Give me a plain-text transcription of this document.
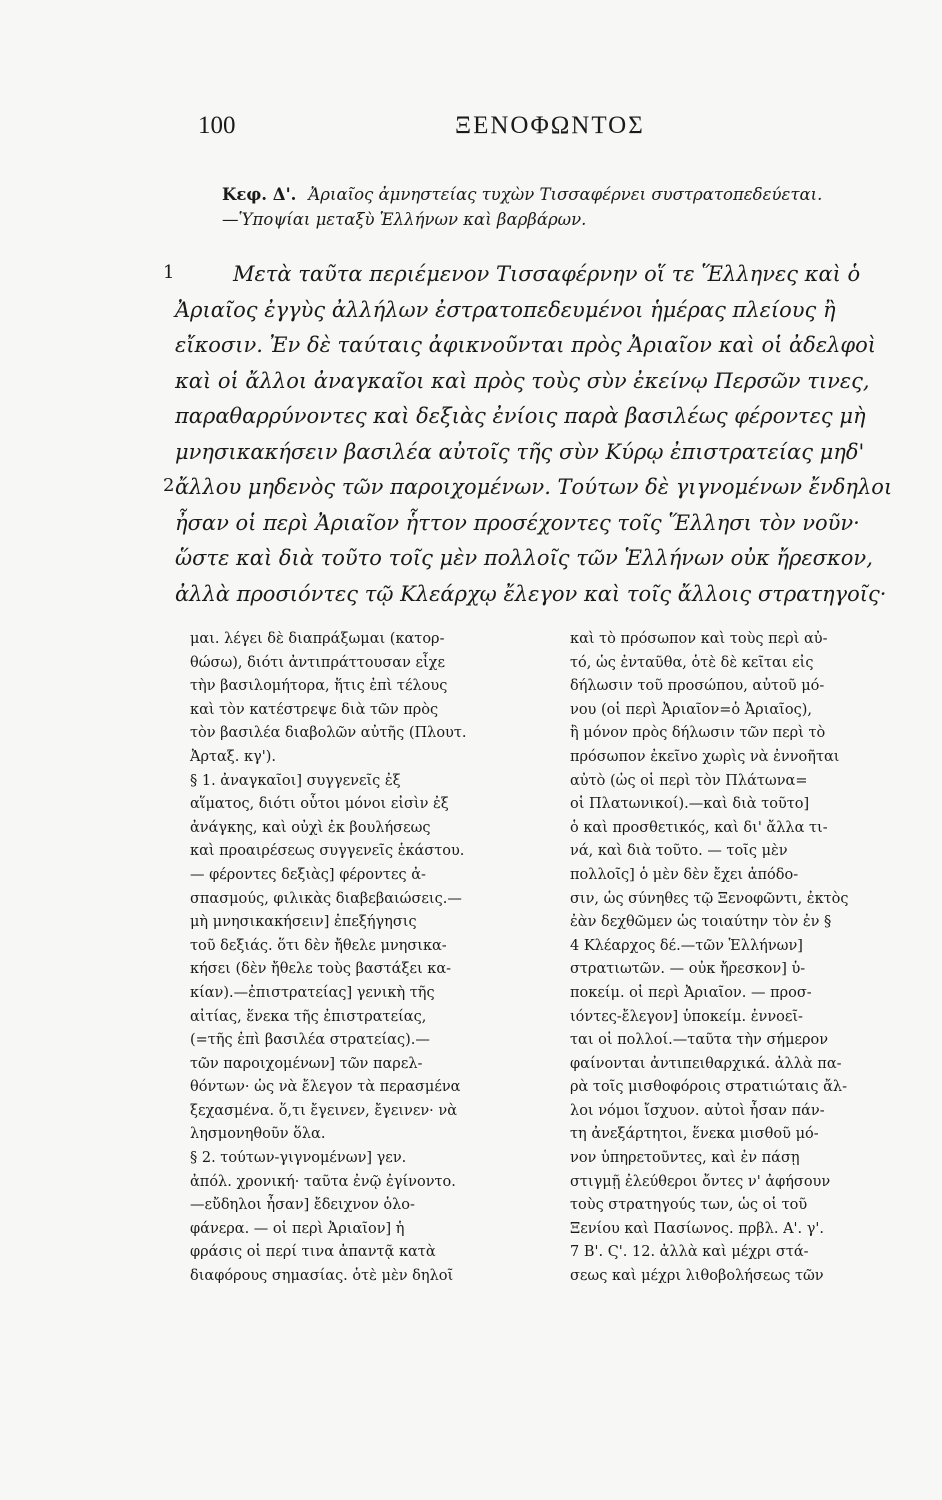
100	ΞΕΝΟΦΩΝΤΟΣ
Κεφ. Δ'. Ἀριαῖος ἀμνηστείας τυχὼν Τισσαφέρνει συστρατοπεδεύεται.
—Ὑποψίαι μεταξὺ Ἑλλήνων καὶ βαρβάρων.
1	Μετὰ ταῦτα περιέμενον Τισσαφέρνην οἵ τε Ἕλληνες καὶ ὁ
Ἀριαῖος ἐγγὺς ἀλλήλων ἐστρατοπεδευμένοι ἡμέρας πλείους ἢ
εἴκοσιν. Ἐν δὲ ταύταις ἀφικνοῦνται πρὸς Ἀριαῖον καὶ οἱ ἀδελφοὶ
καὶ οἱ ἄλλοι ἀναγκαῖοι καὶ πρὸς τοὺς σὺν ἐκείνῳ Περσῶν τινες,
παραθαρρύνοντες καὶ δεξιὰς ἐνίοις παρὰ βασιλέως φέροντες μὴ
μνησικακήσειν βασιλέα αὐτοῖς τῆς σὺν Κύρῳ ἐπιστρατείας μηδ'
2 ἄλλου μηδενὸς τῶν παροιχομένων. Τούτων δὲ γιγνομένων ἔνδηλοι
ἦσαν οἱ περὶ Ἀριαῖον ἧττον προσέχοντες τοῖς Ἕλλησι τὸν νοῦν·
ὥστε καὶ διὰ τοῦτο τοῖς μὲν πολλοῖς τῶν Ἑλλήνων οὐκ ἤρεσκον,
ἀλλὰ προσιόντες τῷ Κλεάρχῳ ἔλεγον καὶ τοῖς ἄλλοις στρατηγοῖς·
μαι. λέγει δὲ διαπράξωμαι (κατορ-
θώσω), διότι ἀντιπράττουσαν εἶχε
τὴν βασιλομήτορα, ἥτις ἐπὶ τέλους
καὶ τὸν κατέστρεψε διὰ τῶν πρὸς
τὸν βασιλέα διαβολῶν αὐτῆς (Πλουτ.
Ἀρταξ. κγ').
§ 1. ἀναγκαῖοι] συγγενεῖς ἐξ
αἵματος, διότι οὗτοι μόνοι εἰσὶν ἐξ
ἀνάγκης, καὶ οὐχὶ ἐκ βουλήσεως
καὶ προαιρέσεως συγγενεῖς ἑκάστου.
— φέροντες δεξιὰς] φέροντες ἀ-
σπασμούς, φιλικὰς διαβεβαιώσεις.—
μὴ μνησικακήσειν] ἐπεξήγησις
τοῦ δεξιάς. ὅτι δὲν ἤθελε μνησικα-
κήσει (δὲν ἤθελε τοὺς βαστάξει κα-
κίαν).—ἐπιστρατείας] γενικὴ τῆς
αἰτίας, ἕνεκα τῆς ἐπιστρατείας,
(=τῆς ἐπὶ βασιλέα στρατείας).—
τῶν παροιχομένων] τῶν παρελ-
θόντων· ὡς νὰ ἔλεγον τὰ περασμένα
ξεχασμένα. ὅ,τι ἔγεινεν, ἔγεινεν· νὰ
λησμονηθοῦν ὅλα.
§ 2. τούτων-γιγνομένων] γεν.
ἀπόλ. χρονική· ταῦτα ἐνῷ ἐγίνοντο.
—εὔδηλοι ἦσαν] ἔδειχνον ὁλο-
φάνερα. — οἱ περὶ Ἀριαῖον] ἡ
φράσις οἱ περί τινα ἀπαντᾷ κατὰ
διαφόρους σημασίας. ὁτὲ μὲν δηλοῖ
καὶ τὸ πρόσωπον καὶ τοὺς περὶ αὐ-
τό, ὡς ἐνταῦθα, ὁτὲ δὲ κεῖται εἰς
δήλωσιν τοῦ προσώπου, αὐτοῦ μό-
νου (οἱ περὶ Ἀριαῖον=ὁ Ἀριαῖος),
ἢ μόνον πρὸς δήλωσιν τῶν περὶ τὸ
πρόσωπον ἐκεῖνο χωρὶς νὰ ἐννοῆται
αὐτὸ (ὡς οἱ περὶ τὸν Πλάτωνα=
οἱ Πλατωνικοί).—καὶ διὰ τοῦτο]
ὁ καὶ προσθετικός, καὶ δι' ἄλλα τι-
νά, καὶ διὰ τοῦτο. — τοῖς μὲν
πολλοῖς] ὁ μὲν δὲν ἔχει ἀπόδο-
σιν, ὡς σύνηθες τῷ Ξενοφῶντι, ἐκτὸς
ἐὰν δεχθῶμεν ὡς τοιαύτην τὸν ἐν §
4 Κλέαρχος δέ.—τῶν Ἑλλήνων]
στρατιωτῶν. — οὐκ ἤρεσκον] ὑ-
ποκείμ. οἱ περὶ Ἀριαῖον. — προσ-
ιόντες-ἔλεγον] ὑποκείμ. ἐννοεῖ-
ται οἱ πολλοί.—ταῦτα τὴν σήμερον
φαίνονται ἀντιπειθαρχικά. ἀλλὰ πα-
ρὰ τοῖς μισθοφόροις στρατιώταις ἄλ-
λοι νόμοι ἴσχυον. αὐτοὶ ἦσαν πάν-
τη ἀνεξάρτητοι, ἕνεκα μισθοῦ μό-
νον ὑπηρετοῦντες, καὶ ἐν πάσῃ
στιγμῇ ἐλεύθεροι ὄντες ν' ἀφήσουν
τοὺς στρατηγούς των, ὡς οἱ τοῦ
Ξενίου καὶ Πασίωνος. πρβλ. Α'. γ'.
7 Β'. Ϛ'. 12. ἀλλὰ καὶ μέχρι στά-
σεως καὶ μέχρι λιθοβολήσεως τῶν
